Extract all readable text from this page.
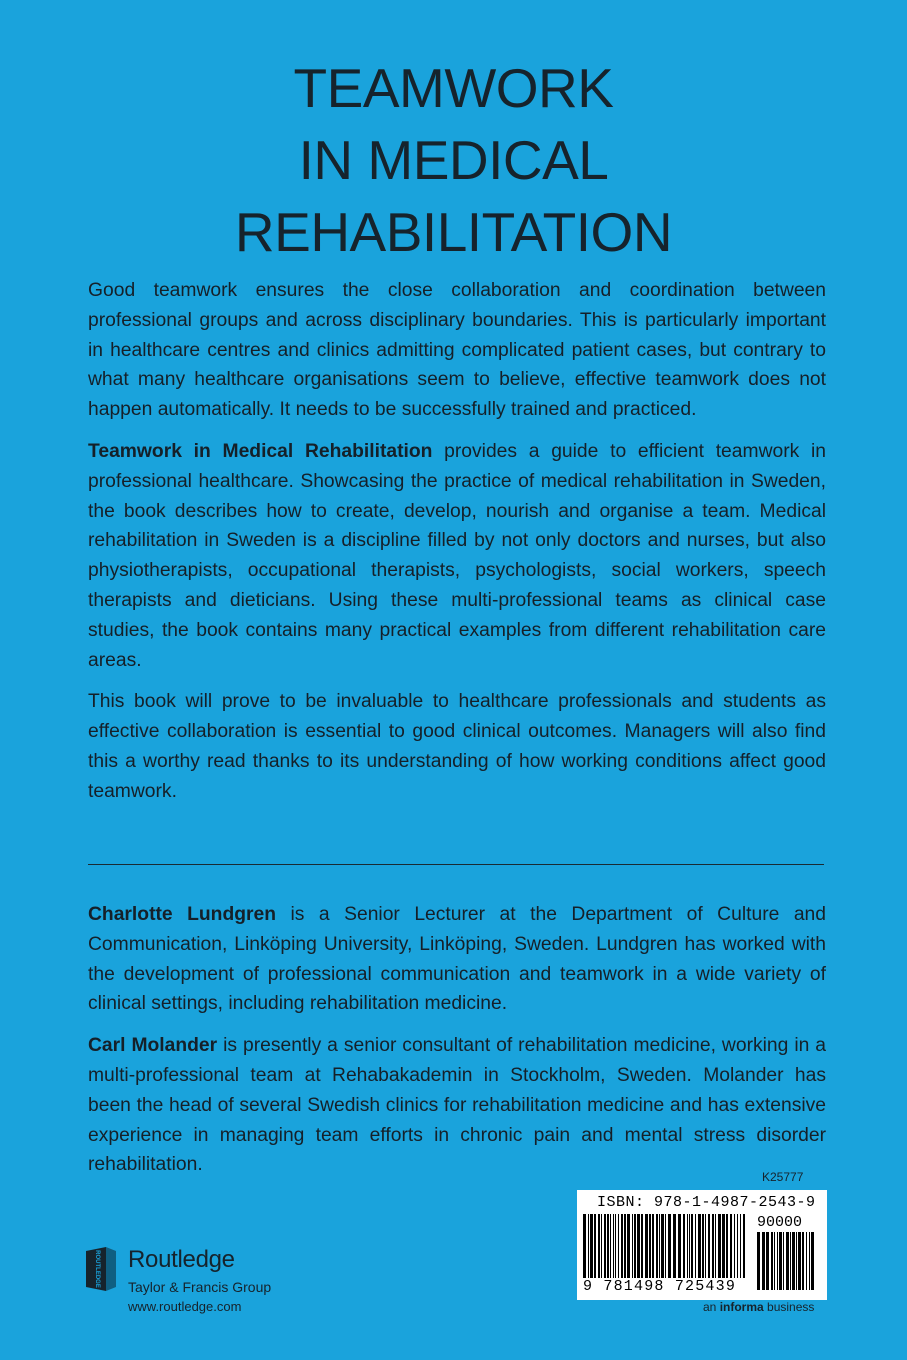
TEAMWORK
IN MEDICAL
REHABILITATION

Good teamwork ensures the close collaboration and coordination between professional groups and across disciplinary boundaries. This is particularly important in healthcare centres and clinics admitting complicated patient cases, but contrary to what many healthcare organisations seem to believe, effective teamwork does not happen automatically. It needs to be successfully trained and practiced.

Teamwork in Medical Rehabilitation provides a guide to efficient teamwork in professional healthcare. Showcasing the practice of medical rehabilitation in Sweden, the book describes how to create, develop, nourish and organise a team. Medical rehabilitation in Sweden is a discipline filled by not only doctors and nurses, but also physiotherapists, occupational therapists, psychologists, social workers, speech therapists and dieticians. Using these multi-professional teams as clinical case studies, the book contains many practical examples from different rehabilitation care areas.

This book will prove to be invaluable to healthcare professionals and students as effective collaboration is essential to good clinical outcomes. Managers will also find this a worthy read thanks to its understanding of how working conditions affect good teamwork.

Charlotte Lundgren is a Senior Lecturer at the Department of Culture and Communication, Linköping University, Linköping, Sweden. Lundgren has worked with the development of professional communication and teamwork in a wide variety of clinical settings, including rehabilitation medicine.

Carl Molander is presently a senior consultant of rehabilitation medicine, working in a multi-professional team at Rehabakademin in Stockholm, Sweden. Molander has been the head of several Swedish clinics for rehabilitation medicine and has extensive experience in managing team efforts in chronic pain and mental stress disorder rehabilitation.

K25777
ISBN: 978-1-4987-2543-9
90000
9 781498 725439
an informa business
ROUTLEDGE Routledge
Taylor & Francis Group
www.routledge.com
